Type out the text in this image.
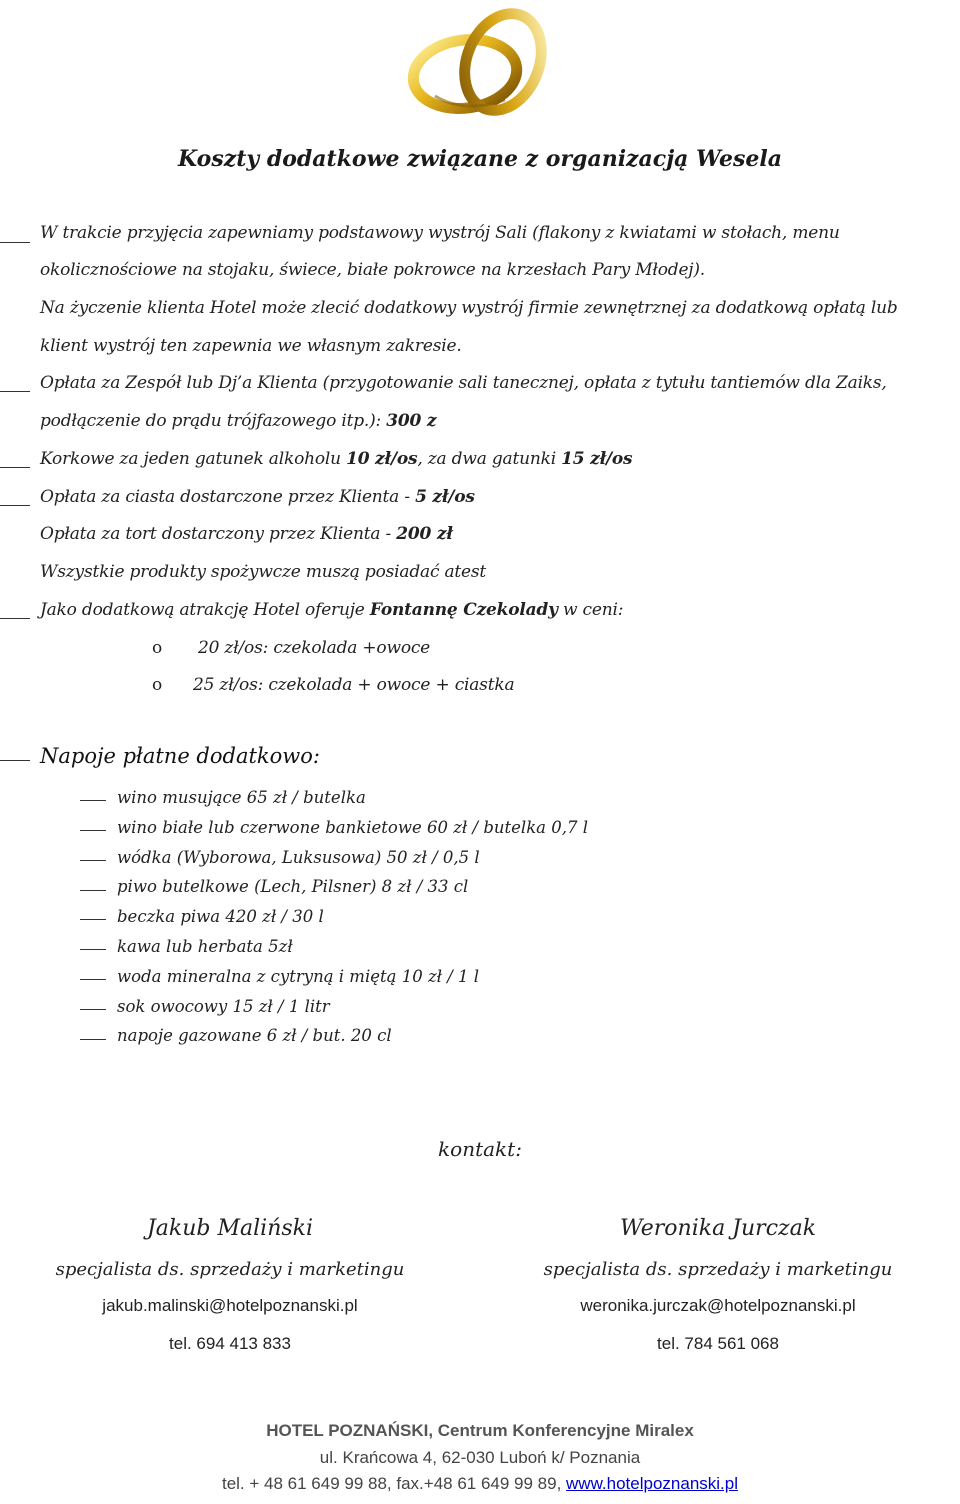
Koszty dodatkowe związane z organizacją Wesela
W trakcie przyjęcia zapewniamy podstawowy wystrój Sali (flakony z kwiatami w stołach, menu
okolicznościowe na stojaku, świece, białe pokrowce na krzesłach Pary Młodej).
Na życzenie klienta Hotel może zlecić dodatkowy wystrój firmie zewnętrznej za dodatkową opłatą lub
klient wystrój ten zapewnia we własnym zakresie.
Opłata za Zespół lub Dj’a Klienta (przygotowanie sali tanecznej, opłata z tytułu tantiemów dla Zaiks,
podłączenie do prądu trójfazowego itp.): 300 z
Korkowe za jeden gatunek alkoholu 10 zł/os, za dwa gatunki 15 zł/os
Opłata za ciasta dostarczone przez Klienta - 5 zł/os
Opłata za tort dostarczony przez Klienta - 200 zł
Wszystkie produkty spożywcze muszą posiadać atest
Jako dodatkową atrakcję Hotel oferuje Fontannę Czekolady w ceni:
o 20 zł/os: czekolada +owoce
o 25 zł/os: czekolada + owoce + ciastka
Napoje płatne dodatkowo:
wino musujące 65 zł / butelka
wino białe lub czerwone bankietowe 60 zł / butelka 0,7 l
wódka (Wyborowa, Luksusowa) 50 zł / 0,5 l
piwo butelkowe (Lech, Pilsner) 8 zł / 33 cl
beczka piwa 420 zł / 30 l
kawa lub herbata 5zł
woda mineralna z cytryną i miętą 10 zł / 1 l
sok owocowy 15 zł / 1 litr
napoje gazowane 6 zł / but. 20 cl
kontakt:
Jakub Maliński
specjalista ds. sprzedaży i marketingu
jakub.malinski@hotelpoznanski.pl
tel. 694 413 833
Weronika Jurczak
specjalista ds. sprzedaży i marketingu
weronika.jurczak@hotelpoznanski.pl
tel. 784 561 068
HOTEL POZNAŃSKI, Centrum Konferencyjne Miralex
ul. Krańcowa 4, 62-030 Luboń k/ Poznania
tel. + 48 61 649 99 88, fax.+48 61 649 99 89, www.hotelpoznanski.pl
